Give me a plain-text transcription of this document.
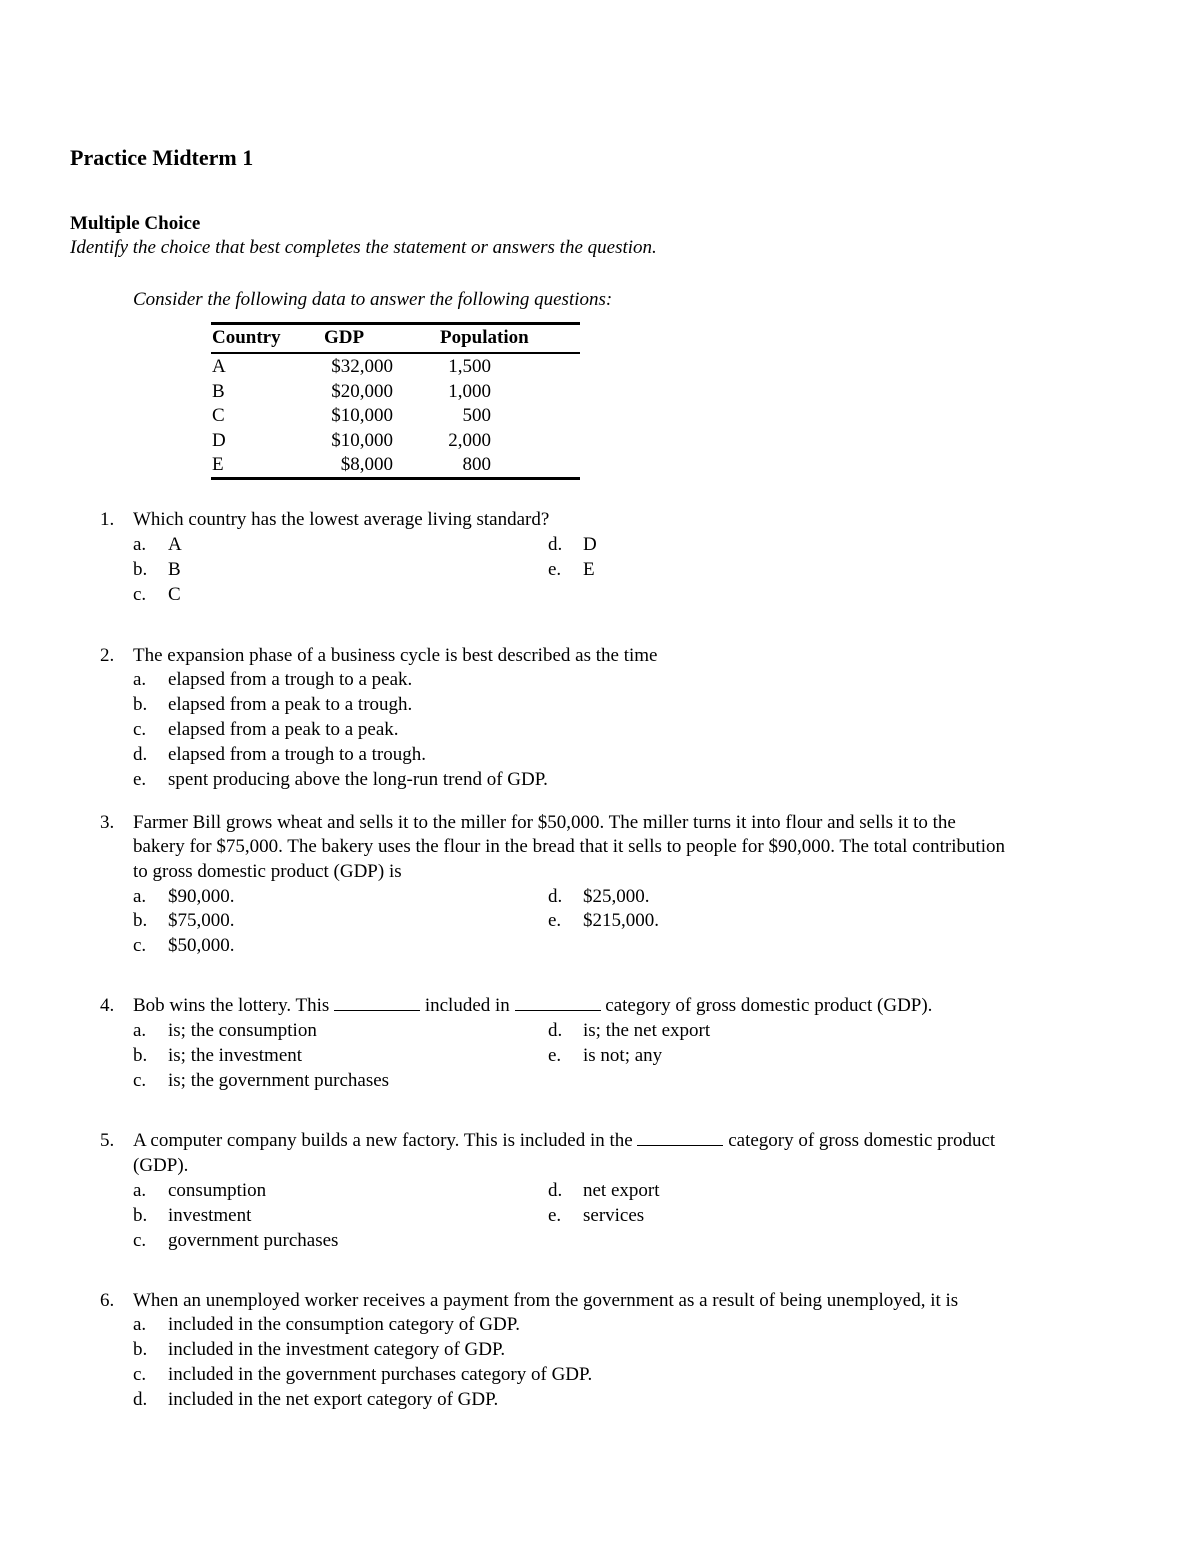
Practice Midterm 1
Multiple Choice
Identify the choice that best completes the statement or answers the question.
Consider the following data to answer the following questions:
Country GDP	Population
A	$32,000	1,500
B	$20,000	1,000
C	$10,000	500
D	$10,000	2,000
E	$8,000	800
1. Which country has the lowest average living standard?
a. A
b. B
c. C
d. D
e. E
2. The expansion phase of a business cycle is best described as the time
a. elapsed from a trough to a peak.
b. elapsed from a peak to a trough.
c. elapsed from a peak to a peak.
d. elapsed from a trough to a trough.
e. spent producing above the long-run trend of GDP.
3. Farmer Bill grows wheat and sells it to the miller for $50,000. The miller turns it into flour and sells it to the
bakery for $75,000. The bakery uses the flour in the bread that it sells to people for $90,000. The total contribution
to gross domestic product (GDP) is
a. $90,000.
b. $75,000.
c. $50,000.
d. $25,000.
e. $215,000.
4. Bob wins the lottery. This	included in	category of gross domestic product (GDP).
a. is; the consumption
b. is; the investment
c. is; the government purchases
d. is; the net export
e. is not; any
5. A computer company builds a new factory. This is included in the	category of gross domestic product
(GDP).
a. consumption
b. investment
c. government purchases
d. net export
e. services
6. When an unemployed worker receives a payment from the government as a result of being unemployed, it is
a. included in the consumption category of GDP.
b. included in the investment category of GDP.
c. included in the government purchases category of GDP.
d. included in the net export category of GDP.
